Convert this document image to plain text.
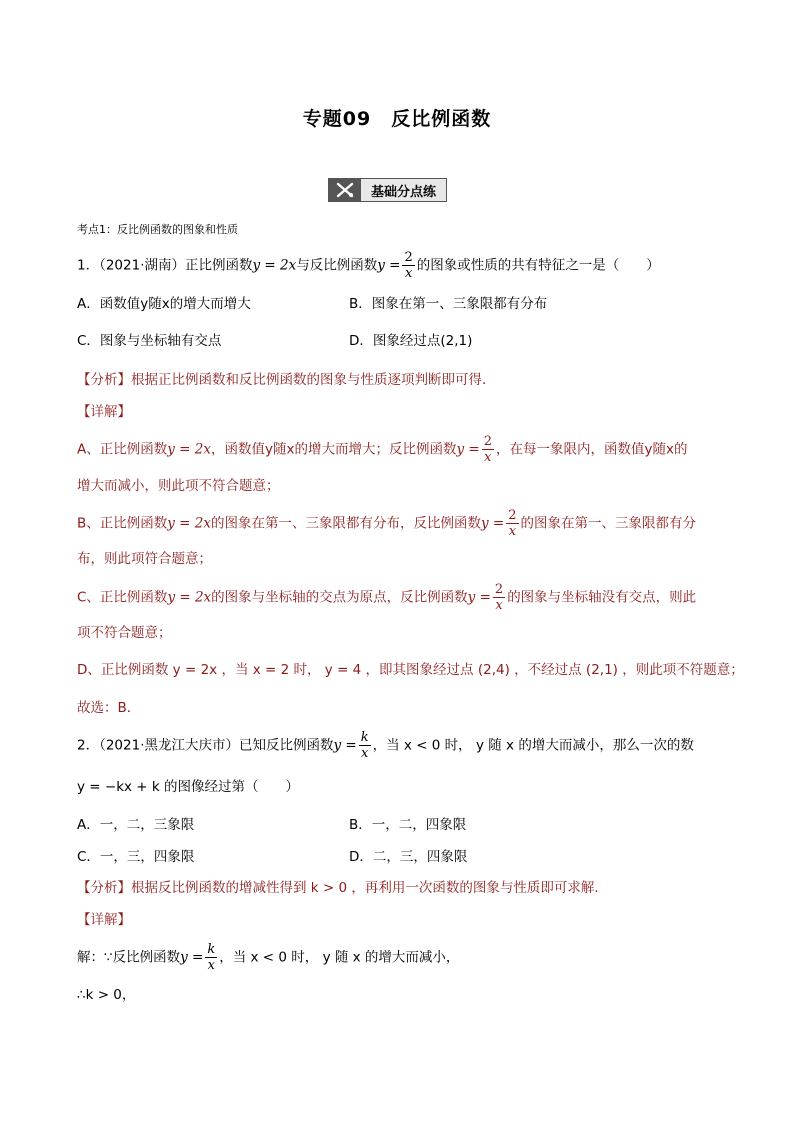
专题09　反比例函数
基础分点练
考点1：反比例函数的图象和性质
1．（2021·湖南）正比例函数y = 2x与反比例函数$y = \frac{2}{x}$ 的图象或性质的共有特征之一是（　　）
A．函数值y随x的增大而增大	B．图象在第一、三象限都有分布
C．图象与坐标轴有交点	D．图象经过点(2,1)
【分析】根据正比例函数和反比例函数的图象与性质逐项判断即可得．
【详解】
A、正比例函数y = 2x，函数值y随x的增大而增大；反比例函数$y = \frac{2}{x}$ ，在每一象限内，函数值y随x的
增大而减小，则此项不符合题意；
B、正比例函数y = 2x的图象在第一、三象限都有分布，反比例函数$y = \frac{2}{x}$ 的图象在第一、三象限都有分
布，则此项符合题意；
C、正比例函数y = 2x的图象与坐标轴的交点为原点，反比例函数$y = \frac{2}{x}$ 的图象与坐标轴没有交点，则此
项不符合题意；
D、正比例函数 y = 2x ，当 x = 2 时， y = 4 ，即其图象经过点 (2,4) ，不经过点 (2,1) ，则此项不符题意；
故选：B．
2．（2021·黑龙江大庆市）已知反比例函数$y = \frac{k}{x}$ ，当 x < 0 时， y 随 x 的增大而减小，那么一次的数
y = −kx + k 的图像经过第（　　）
A．一，二，三象限	B．一，二，四象限
C．一，三，四象限	D．二，三，四象限
【分析】根据反比例函数的增减性得到 k > 0 ，再利用一次函数的图象与性质即可求解．
【详解】
解：∵反比例函数$y = \frac{k}{x}$ ，当 x < 0 时， y 随 x 的增大而减小，
∴k > 0，
